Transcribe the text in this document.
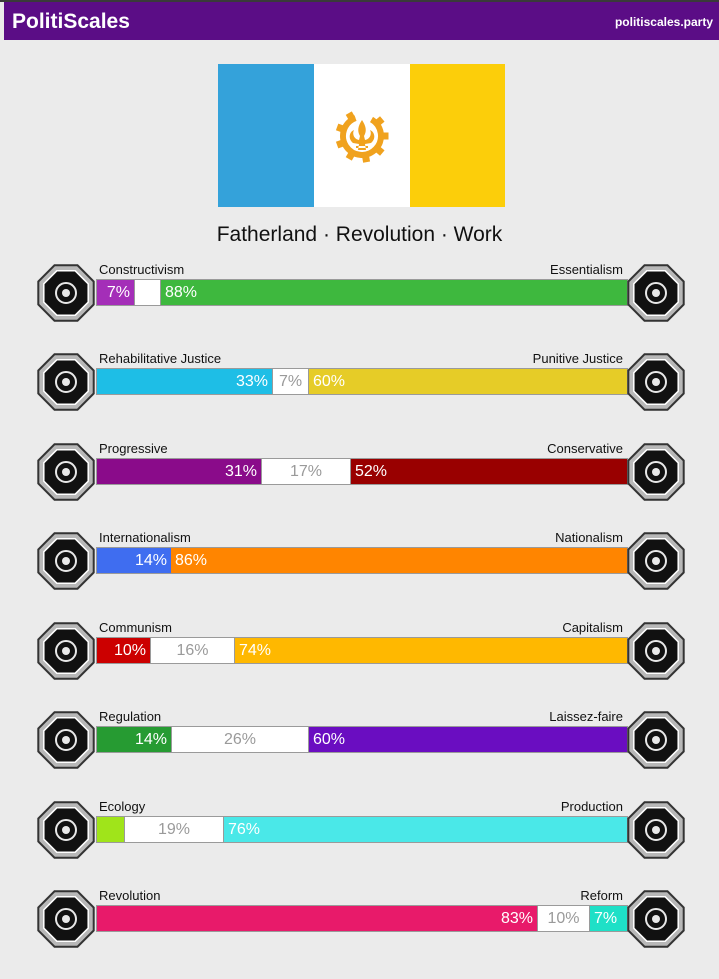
PolitiScales	politiscales.party
Fatherland · Revolution · Work
7% 88%
Constructivism	Essentialism
33% 7% 60%
Rehabilitative Justice	Punitive Justice
31%	17%	52%
Progressive	Conservative
14% 86%
Internationalism	Nationalism
10%	16%	74%
Communism	Capitalism
14%	26%	60%
Regulation	Laissez-faire
19%	76%
Ecology	Production
83% 10% 7%
Revolution	Reform
